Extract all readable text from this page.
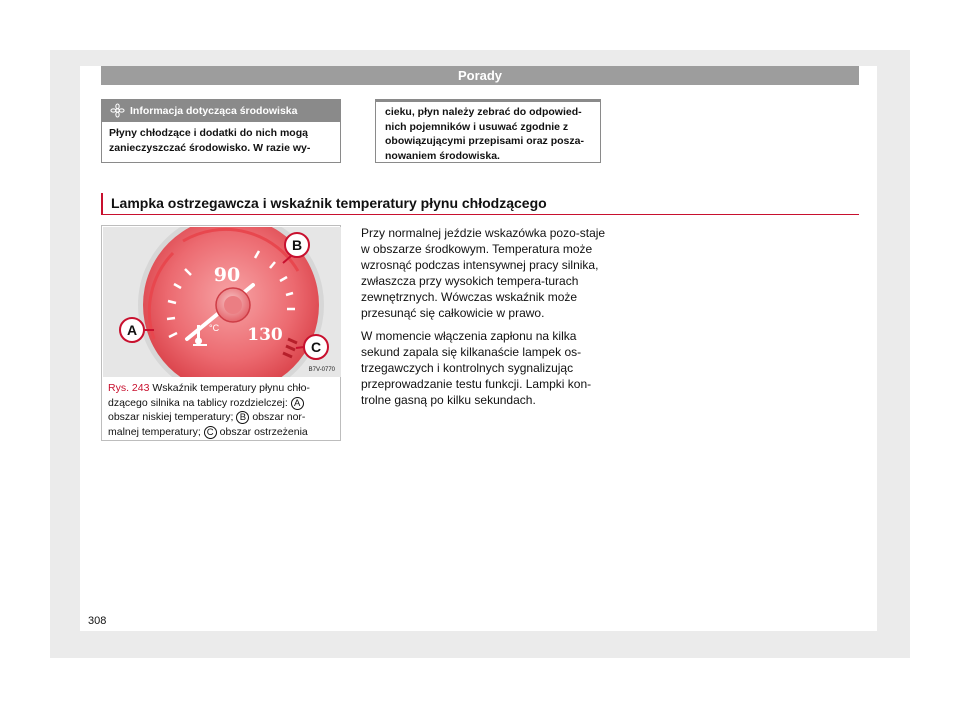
Porady
Informacja dotycząca środowiska
Płyny chłodzące i dodatki do nich mogą zanieczyszczać środowisko. W razie wy-
cieku, płyn należy zebrać do odpowied-nich pojemników i usuwać zgodnie z obowiązującymi przepisami oraz posza-nowaniem środowiska.
Lampka ostrzegawcza i wskaźnik temperatury płynu chłodzącego
90
130
°C
A
B
C
B7V-0770
Rys. 243 Wskaźnik temperatury płynu chło-dzącego silnika na tablicy rozdzielczej: A obszar niskiej temperatury; B obszar nor-malnej temperatury; C obszar ostrzeżenia

Przy normalnej jeździe wskazówka pozo-staje w obszarze środkowym. Temperatura może wzrosnąć podczas intensywnej pracy silnika, zwłaszcza przy wysokich tempera-turach zewnętrznych. Wówczas wskaźnik może przesunąć się całkowicie w prawo.

W momencie włączenia zapłonu na kilka sekund zapala się kilkanaście lampek os-trzegawczych i kontrolnych sygnalizując przeprowadzanie testu funkcji. Lampki kon-trolne gasną po kilku sekundach.

308
